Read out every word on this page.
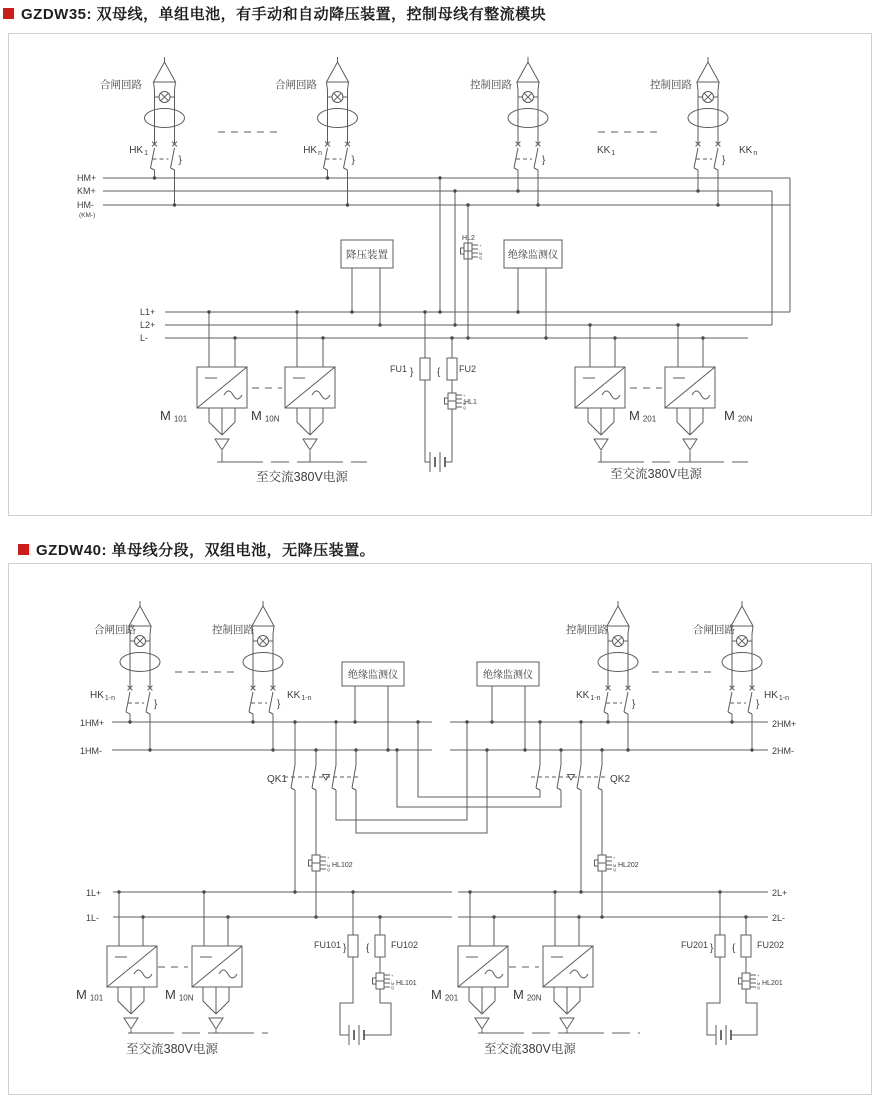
GZDW35: 双母线，单组电池，有手动和自动降压装置，控制母线有整流模块
GZDW40: 单母线分段，双组电池，无降压装置。
}
+
-
M
Q
合闸回路	合闸回路	控制回路	控制回路
$HK_1$	$HK_n$	$KK_1$	$KK_n$
HM+
KM+
HM-
(KM-)
L1+
L2+
L-
降压装置	绝缘监测仪
HL2
M 101	M 10N	M 201	M 20N
至交流380V电源	至交流380V电源
FU1 } { FU2
HL1
合闸回路	控制回路	控制回路	合闸回路
$HK_{1-n}$	$KK_{1-n}$	$KK_{1-n}$	$HK_{1-n}$
1HM+
1HM-
2HM+
2HM-
绝缘监测仪	绝缘监测仪
QK1
HL102
QK2
HL202
1L+
1L-
2L+
2L-
M 101	M 10N	M 201	M 20N
至交流380V电源	至交流380V电源
FU101 } { FU102
HL101
FU201 } { FU202
HL201
